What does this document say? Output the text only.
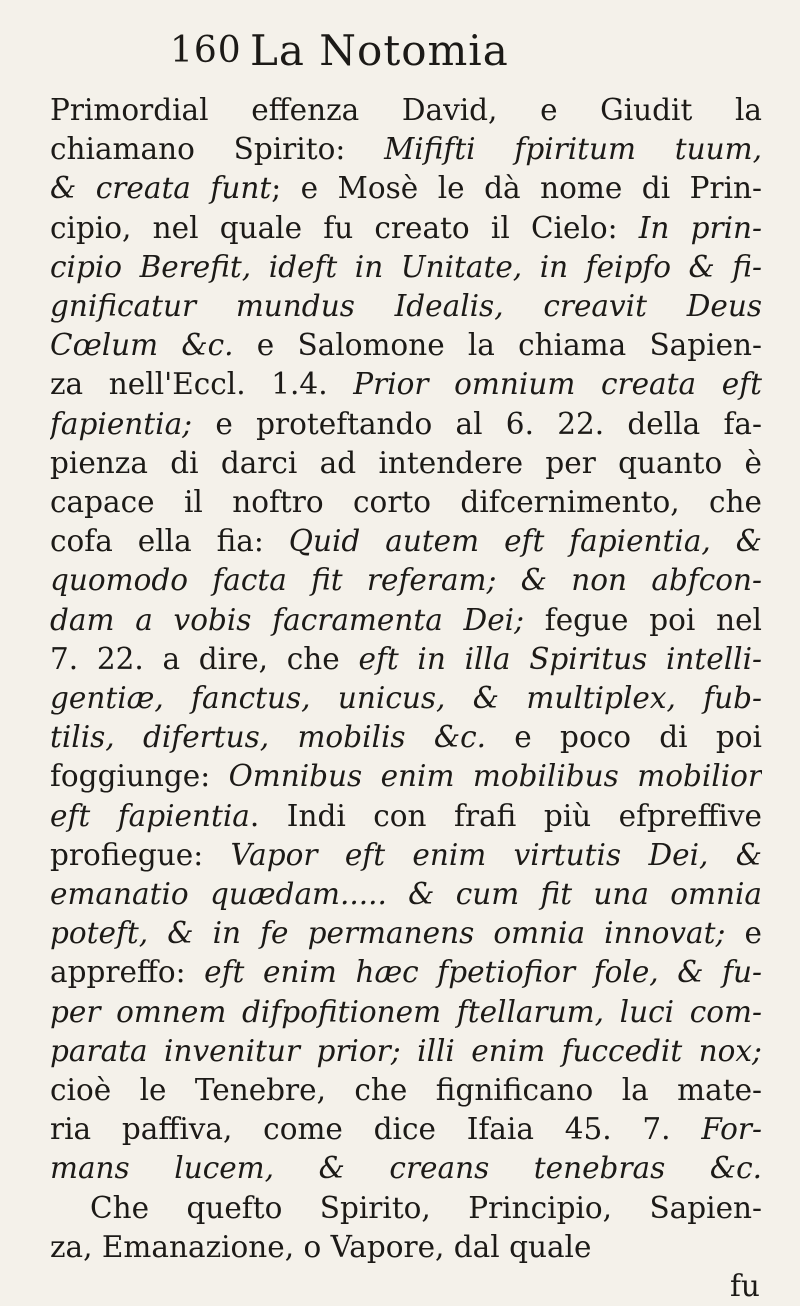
160 La Notomia
Primordial effenza David, e Giudit la
chiamano Spirito: Mififti fpiritum tuum,
& creata funt; e Mosè le dà nome di Prin-
cipio, nel quale fu creato il Cielo: In prin-
cipio Berefit, ideft in Unitate, in feipfo & fi-
gnificatur mundus Idealis, creavit Deus
Cœlum &c. e Salomone la chiama Sapien-
za nell'Eccl. 1.4. Prior omnium creata eft
fapientia; e proteftando al 6. 22. della fa-
pienza di darci ad intendere per quanto è
capace il noftro corto difcernimento, che
cofa ella fia: Quid autem eft fapientia, &
quomodo facta fit referam; & non abfcon-
dam a vobis facramenta Dei; fegue poi nel
7. 22. a dire, che eft in illa Spiritus intelli-
gentiæ, fanctus, unicus, & multiplex, fub-
tilis, difertus, mobilis &c. e poco di poi
foggiunge: Omnibus enim mobilibus mobilior
eft fapientia. Indi con frafi più efpreffive
profiegue: Vapor eft enim virtutis Dei, &
emanatio quædam..... & cum fit una omnia
poteft, & in fe permanens omnia innovat; e
appreffo: eft enim hæc fpetiofior fole, & fu-
per omnem difpofitionem ftellarum, luci com-
parata invenitur prior; illi enim fuccedit nox;
cioè le Tenebre, che fignificano la mate-
ria paffiva, come dice Ifaia 45. 7. For-
mans lucem, & creans tenebras &c.
Che quefto Spirito, Principio, Sapien-
za, Emanazione, o Vapore, dal quale
fu
